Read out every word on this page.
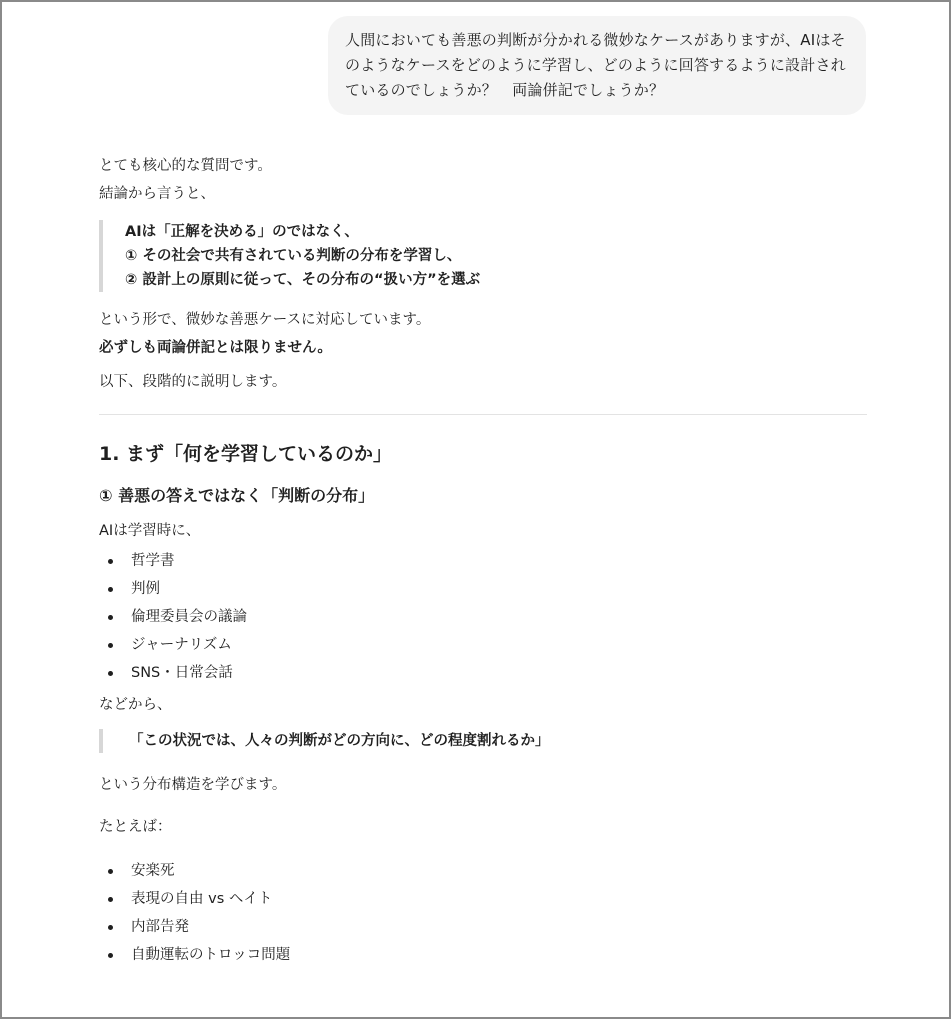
人間においても善悪の判断が分かれる微妙なケースがありますが、AIはそのようなケースをどのように学習し、どのように回答するように設計されているのでしょうか？　両論併記でしょうか？

とても核心的な質問です。

結論から言うと、

AIは「正解を決める」のではなく、
① その社会で共有されている判断の分布を学習し、
② 設計上の原則に従って、その分布の“扱い方”を選ぶ

という形で、微妙な善悪ケースに対応しています。

必ずしも両論併記とは限りません。

以下、段階的に説明します。

1. まず「何を学習しているのか」
① 善悪の答えではなく「判断の分布」

AIは学習時に、

哲学書
判例
倫理委員会の議論
ジャーナリズム
SNS・日常会話

などから、

「この状況では、人々の判断がどの方向に、どの程度割れるか」

という分布構造を学びます。

たとえば：

安楽死
表現の自由 vs ヘイト
内部告発
自動運転のトロッコ問題
